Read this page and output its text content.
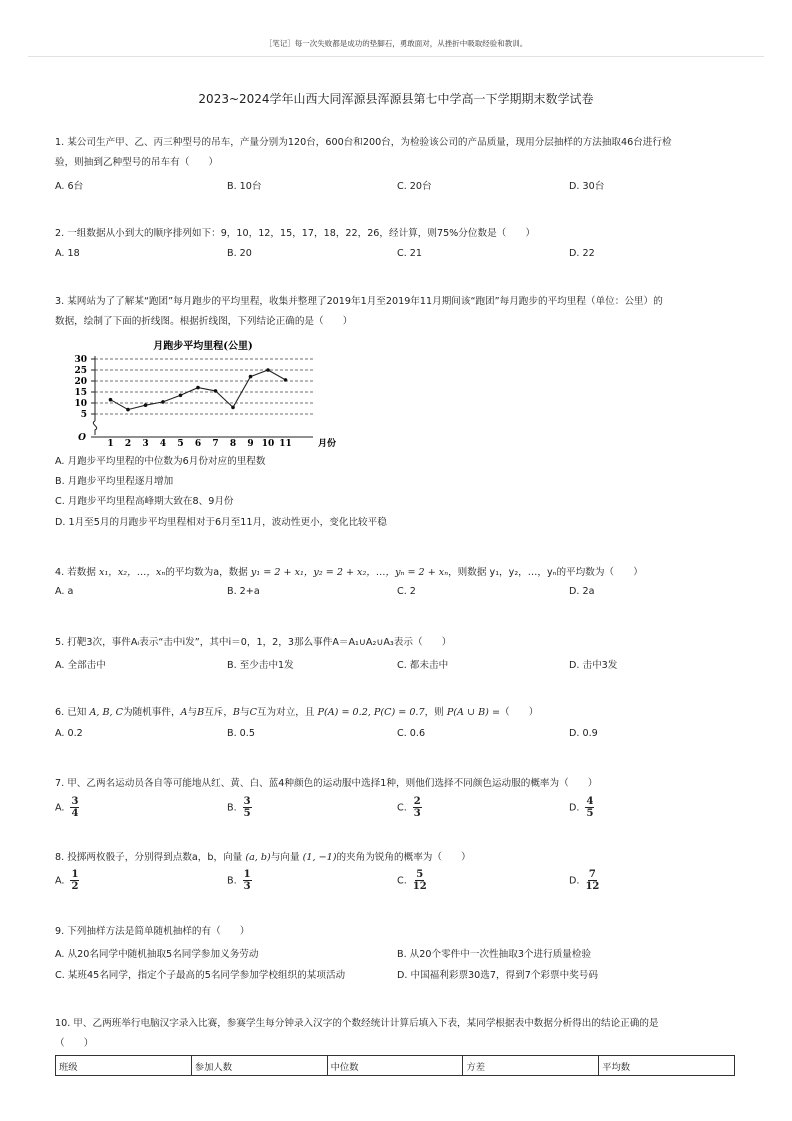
［笔记］每一次失败都是成功的垫脚石，勇敢面对，从挫折中吸取经验和教训。
2023~2024学年山西大同浑源县浑源县第七中学高一下学期期末数学试卷
1. 某公司生产甲、乙、丙三种型号的吊车，产量分别为120台，600台和200台，为检验该公司的产品质量，现用分层抽样的方法抽取46台进行检
验，则抽到乙种型号的吊车有（　　）
A. 6台	B. 10台	C. 20台	D. 30台
2. 一组数据从小到大的顺序排列如下：9，10，12，15，17，18，22，26，经计算，则75%分位数是（　　）
A. 18	B. 20	C. 21	D. 22
3. 某网站为了了解某“跑团”每月跑步的平均里程，收集并整理了2019年1月至2019年11月期间该“跑团”每月跑步的平均里程（单位：公里）的
数据，绘制了下面的折线图。根据折线图，下列结论正确的是（　　）
月跑步平均里程(公里)
O
月份
5
10
15
20
25
30
1 2 3 4 5 6 7 8 9 10 11
A. 月跑步平均里程的中位数为6月份对应的里程数
B. 月跑步平均里程逐月增加
C. 月跑步平均里程高峰期大致在8、9月份
D. 1月至5月的月跑步平均里程相对于6月至11月，波动性更小，变化比较平稳
4. 若数据 x₁，x₂，…，xₙ的平均数为a，数据 y₁ = 2 + x₁，y₂ = 2 + x₂，…，yₙ = 2 + xₙ，则数据 y₁，y₂，…，yₙ的平均数为（　　）
A. a	B. 2+a	C. 2	D. 2a
5. 打靶3次，事件Aᵢ表示“击中i发”，其中i＝0，1，2，3那么事件A＝A₁∪A₂∪A₃表示（　　）
A. 全部击中	B. 至少击中1发	C. 都未击中	D. 击中3发
6. 已知 A, B, C为随机事件，A与B互斥，B与C互为对立，且 P(A) = 0.2, P(C) = 0.7，则 P(A ∪ B) =（　　）
A. 0.2	B. 0.5	C. 0.6	D. 0.9
7. 甲、乙两名运动员各自等可能地从红、黄、白、蓝4种颜色的运动服中选择1种，则他们选择不同颜色运动服的概率为（　　）
A. $\frac{3}{4}$	B. $\frac{3}{5}$	C. $\frac{2}{3}$	D. $\frac{4}{5}$
8. 投掷两枚骰子，分别得到点数a，b，向量 (a, b)与向量 (1, −1)的夹角为锐角的概率为（　　）
A. $\frac{1}{2}$	B. $\frac{1}{3}$	C. $\frac{5}{12}$	D. $\frac{7}{12}$
9. 下列抽样方法是简单随机抽样的有（　　）
A. 从20名同学中随机抽取5名同学参加义务劳动	B. 从20个零件中一次性抽取3个进行质量检验
C. 某班45名同学，指定个子最高的5名同学参加学校组织的某项活动	D. 中国福利彩票30选7，得到7个彩票中奖号码
10. 甲、乙两班举行电脑汉字录入比赛，参赛学生每分钟录入汉字的个数经统计计算后填入下表，某同学根据表中数据分析得出的结论正确的是
（　　）
班级	参加人数	中位数	方差	平均数
